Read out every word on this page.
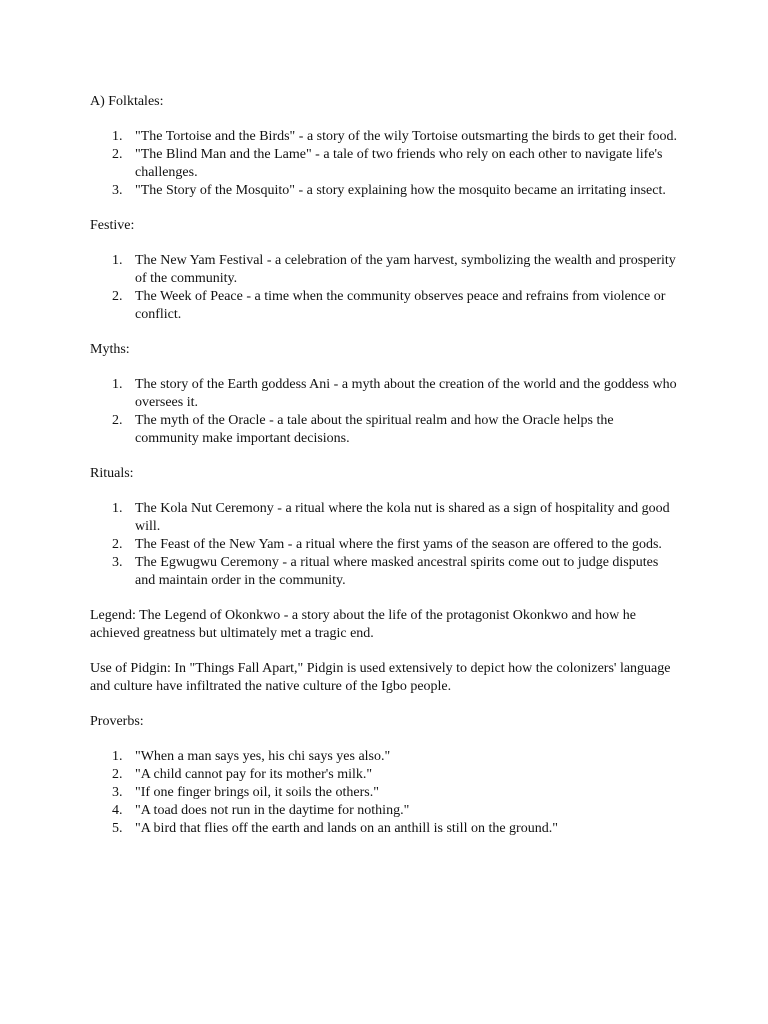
A) Folktales:

1. "The Tortoise and the Birds" - a story of the wily Tortoise outsmarting the birds to get their food.
2. "The Blind Man and the Lame" - a tale of two friends who rely on each other to navigate life's challenges.
3. "The Story of the Mosquito" - a story explaining how the mosquito became an irritating insect.

Festive:

1. The New Yam Festival - a celebration of the yam harvest, symbolizing the wealth and prosperity of the community.
2. The Week of Peace - a time when the community observes peace and refrains from violence or conflict.

Myths:

1. The story of the Earth goddess Ani - a myth about the creation of the world and the goddess who oversees it.
2. The myth of the Oracle - a tale about the spiritual realm and how the Oracle helps the community make important decisions.

Rituals:

1. The Kola Nut Ceremony - a ritual where the kola nut is shared as a sign of hospitality and good will.
2. The Feast of the New Yam - a ritual where the first yams of the season are offered to the gods.
3. The Egwugwu Ceremony - a ritual where masked ancestral spirits come out to judge disputes and maintain order in the community.

Legend: The Legend of Okonkwo - a story about the life of the protagonist Okonkwo and how he achieved greatness but ultimately met a tragic end.

Use of Pidgin: In "Things Fall Apart," Pidgin is used extensively to depict how the colonizers' language and culture have infiltrated the native culture of the Igbo people.

Proverbs:

1. "When a man says yes, his chi says yes also."
2. "A child cannot pay for its mother's milk."
3. "If one finger brings oil, it soils the others."
4. "A toad does not run in the daytime for nothing."
5. "A bird that flies off the earth and lands on an anthill is still on the ground."
